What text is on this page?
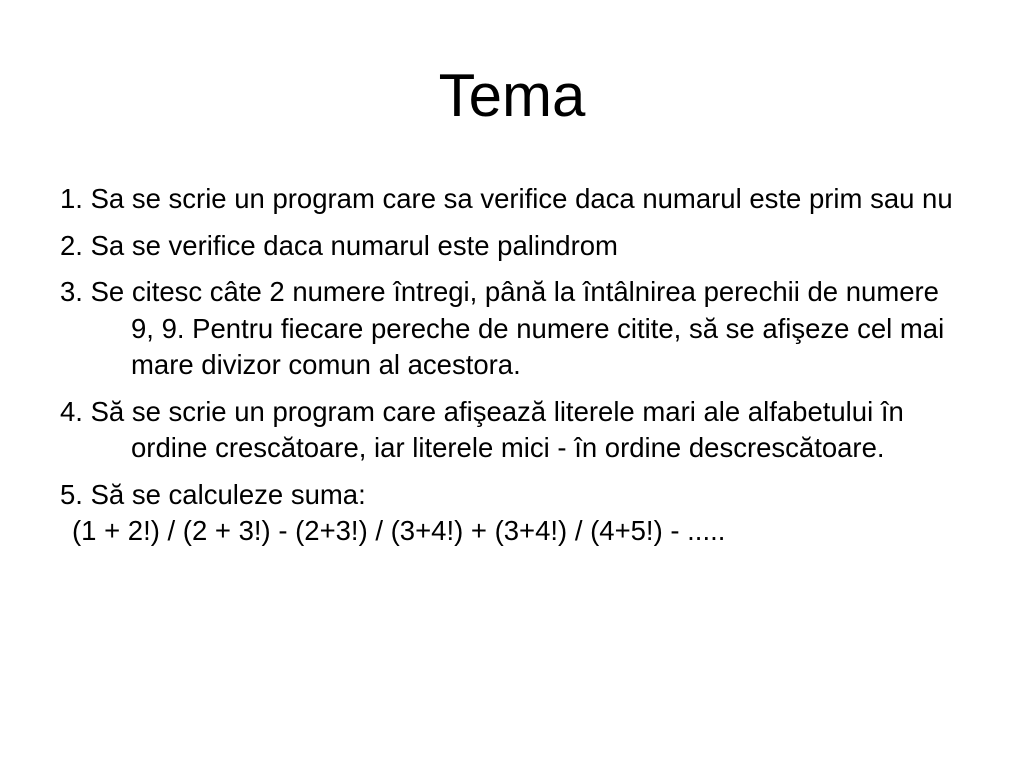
Tema
1. Sa se scrie un program care sa verifice daca numarul este prim sau nu
2. Sa se verifice daca numarul este palindrom
3. Se citesc câte 2 numere întregi, până la întâlnirea perechii de numere 9, 9. Pentru fiecare pereche de numere citite, să se afişeze cel mai mare divizor comun al acestora.
4. Să se scrie un program care afişează literele mari ale alfabetului în ordine crescătoare, iar literele mici - în ordine descrescătoare.
5. Să se calculeze suma:
(1 + 2!) / (2 + 3!) - (2+3!) / (3+4!) + (3+4!) / (4+5!) - .....
